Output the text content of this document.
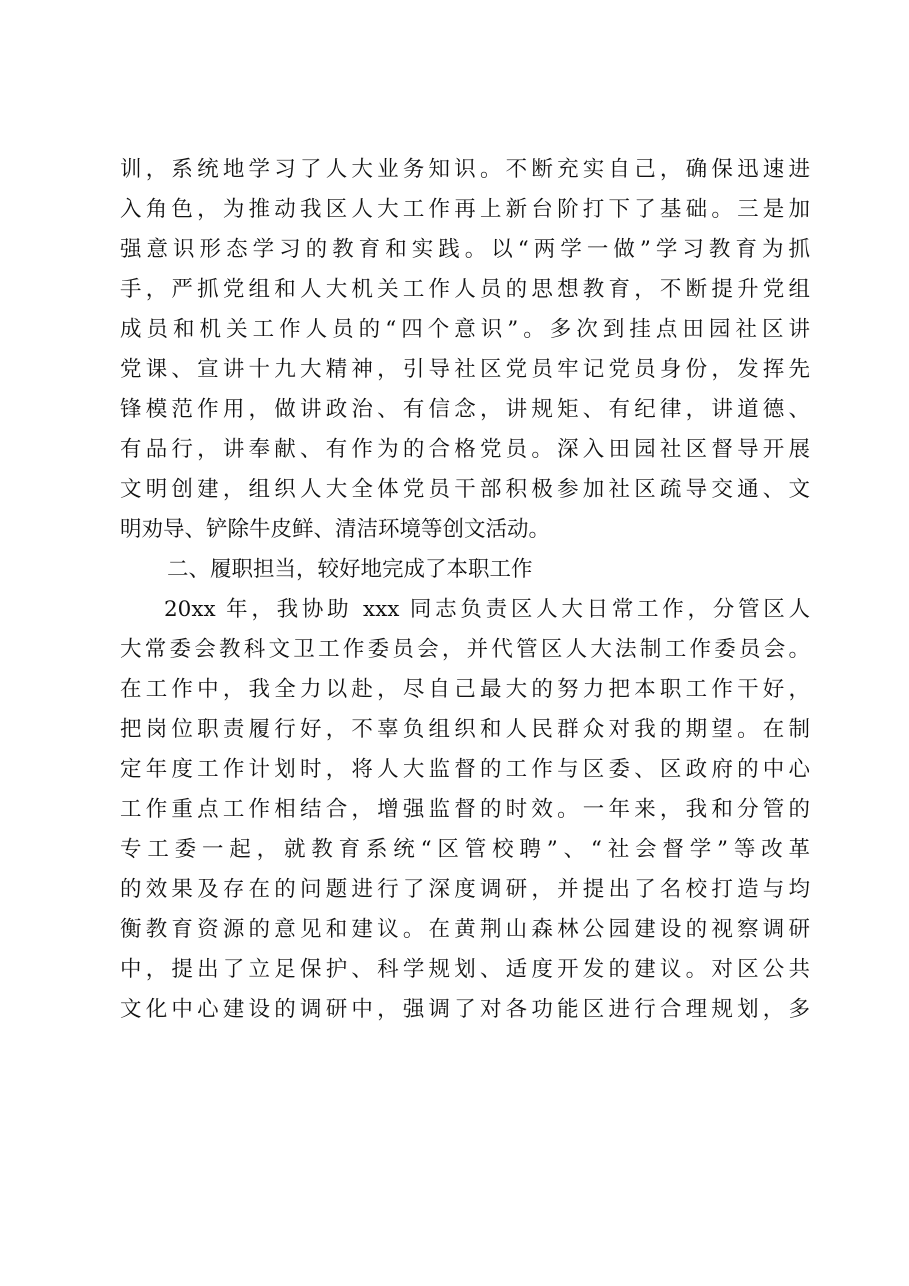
训，系统地学习了人大业务知识。不断充实自己，确保迅速进
入角色，为推动我区人大工作再上新台阶打下了基础。三是加
强意识形态学习的教育和实践。以“两学一做”学习教育为抓
手，严抓党组和人大机关工作人员的思想教育，不断提升党组
成员和机关工作人员的“四个意识”。多次到挂点田园社区讲
党课、宣讲十九大精神，引导社区党员牢记党员身份，发挥先
锋模范作用，做讲政治、有信念，讲规矩、有纪律，讲道德、
有品行，讲奉献、有作为的合格党员。深入田园社区督导开展
文明创建，组织人大全体党员干部积极参加社区疏导交通、文
明劝导、铲除牛皮鲜、清洁环境等创文活动。
二、履职担当，较好地完成了本职工作
20xx 年，我协助 xxx 同志负责区人大日常工作，分管区人
大常委会教科文卫工作委员会，并代管区人大法制工作委员会。
在工作中，我全力以赴，尽自己最大的努力把本职工作干好，
把岗位职责履行好，不辜负组织和人民群众对我的期望。在制
定年度工作计划时，将人大监督的工作与区委、区政府的中心
工作重点工作相结合，增强监督的时效。一年来，我和分管的
专工委一起，就教育系统“区管校聘”、“社会督学”等改革
的效果及存在的问题进行了深度调研，并提出了名校打造与均
衡教育资源的意见和建议。在黄荆山森林公园建设的视察调研
中，提出了立足保护、科学规划、适度开发的建议。对区公共
文化中心建设的调研中，强调了对各功能区进行合理规划，多
